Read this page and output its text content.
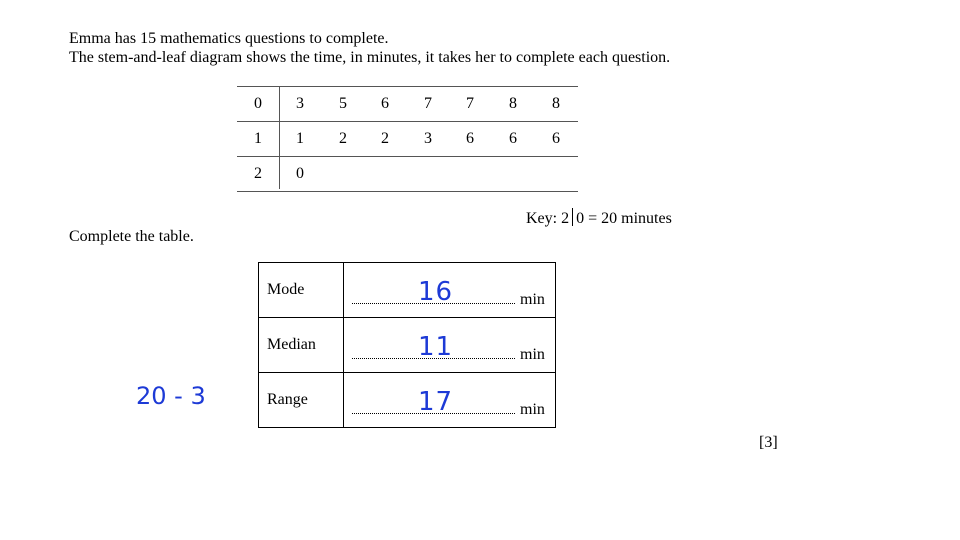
Emma has 15 mathematics questions to complete.
The stem-and-leaf diagram shows the time, in minutes, it takes her to complete each question.
0	3	5	6	7	7	8	8
1	1	2	2	3	6	6	6
2	0
Key: 2 0 = 20 minutes
Complete the table.
Mode	16 min

Median	11 min

Range	17 min
20 - 3
[3]
